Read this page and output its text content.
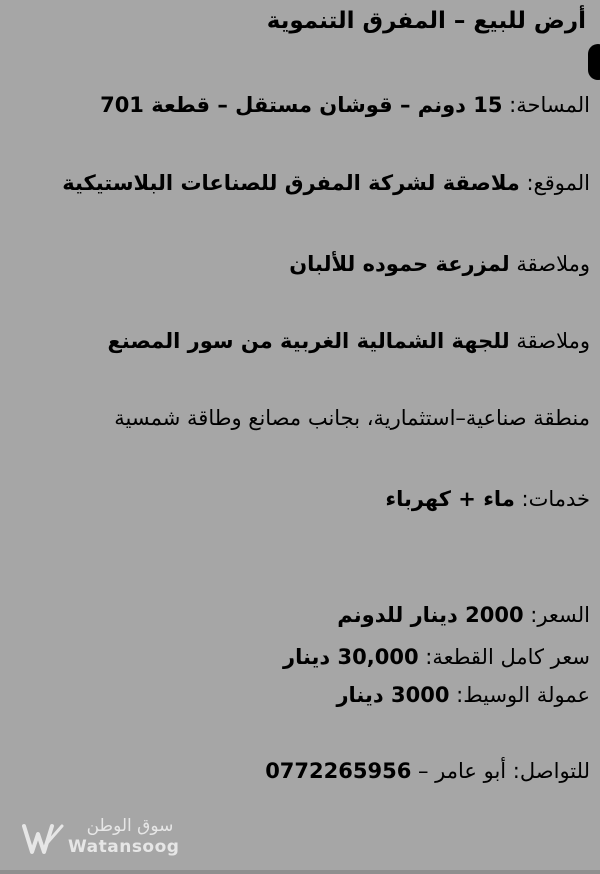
أرض للبيع – المفرق التنموية
المساحة: 15 دونم – قوشان مستقل – قطعة 701
الموقع: ملاصقة لشركة المفرق للصناعات البلاستيكية
وملاصقة لمزرعة حموده للألبان
وملاصقة للجهة الشمالية الغربية من سور المصنع
منطقة صناعية–استثمارية، بجانب مصانع وطاقة شمسية
خدمات: ماء + كهرباء
السعر: 2000 دينار للدونم
سعر كامل القطعة: 30,000 دينار
عمولة الوسيط: 3000 دينار
للتواصل: أبو عامر – 0772265956
سوق الوطن
Watansoog
